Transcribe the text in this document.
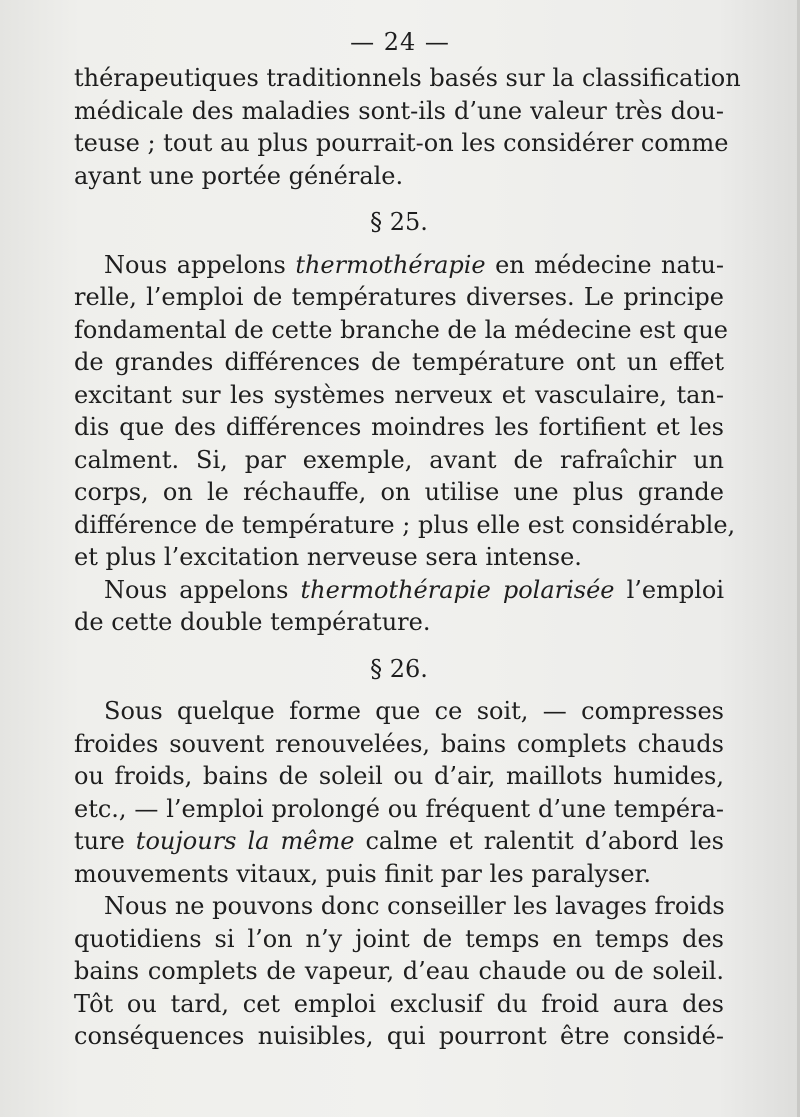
— 24 —

thérapeutiques traditionnels basés sur la classification
médicale des maladies sont-ils d’une valeur très dou-
teuse ; tout au plus pourrait-on les considérer comme
ayant une portée générale.

§ 25.

Nous appelons thermothérapie en médecine natu-
relle, l’emploi de températures diverses. Le principe
fondamental de cette branche de la médecine est que
de grandes différences de température ont un effet
excitant sur les systèmes nerveux et vasculaire, tan-
dis que des différences moindres les fortifient et les
calment. Si, par exemple, avant de rafraîchir un
corps, on le réchauffe, on utilise une plus grande
différence de température ; plus elle est considérable,
et plus l’excitation nerveuse sera intense.

Nous appelons thermothérapie polarisée l’emploi
de cette double température.

§ 26.

Sous quelque forme que ce soit, — compresses
froides souvent renouvelées, bains complets chauds
ou froids, bains de soleil ou d’air, maillots humides,
etc., — l’emploi prolongé ou fréquent d’une tempéra-
ture toujours la même calme et ralentit d’abord les
mouvements vitaux, puis finit par les paralyser.

Nous ne pouvons donc conseiller les lavages froids
quotidiens si l’on n’y joint de temps en temps des
bains complets de vapeur, d’eau chaude ou de soleil.
Tôt ou tard, cet emploi exclusif du froid aura des
conséquences nuisibles, qui pourront être considé-
